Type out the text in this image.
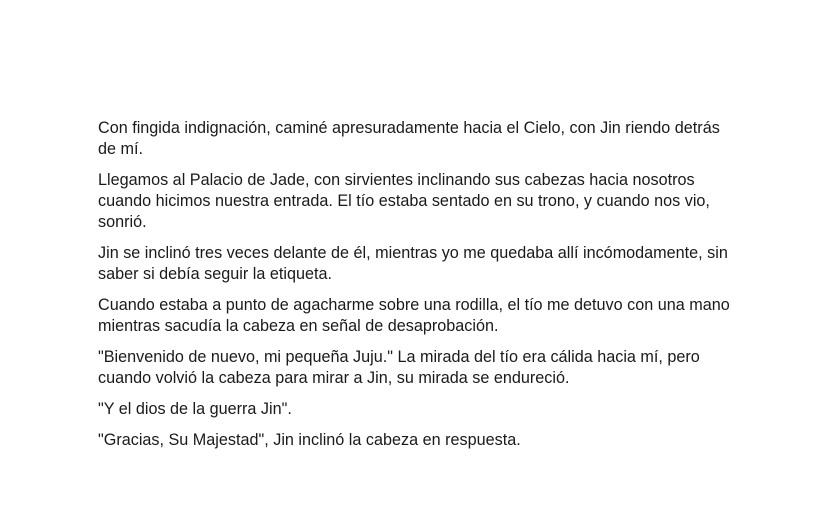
Con fingida indignación, caminé apresuradamente hacia el Cielo, con Jin riendo detrás de mí.

Llegamos al Palacio de Jade, con sirvientes inclinando sus cabezas hacia nosotros cuando hicimos nuestra entrada. El tío estaba sentado en su trono, y cuando nos vio, sonrió.

Jin se inclinó tres veces delante de él, mientras yo me quedaba allí incómodamente, sin saber si debía seguir la etiqueta.

Cuando estaba a punto de agacharme sobre una rodilla, el tío me detuvo con una mano mientras sacudía la cabeza en señal de desaprobación.

"Bienvenido de nuevo, mi pequeña Juju." La mirada del tío era cálida hacia mí, pero cuando volvió la cabeza para mirar a Jin, su mirada se endureció.

"Y el dios de la guerra Jin".

"Gracias, Su Majestad", Jin inclinó la cabeza en respuesta.
